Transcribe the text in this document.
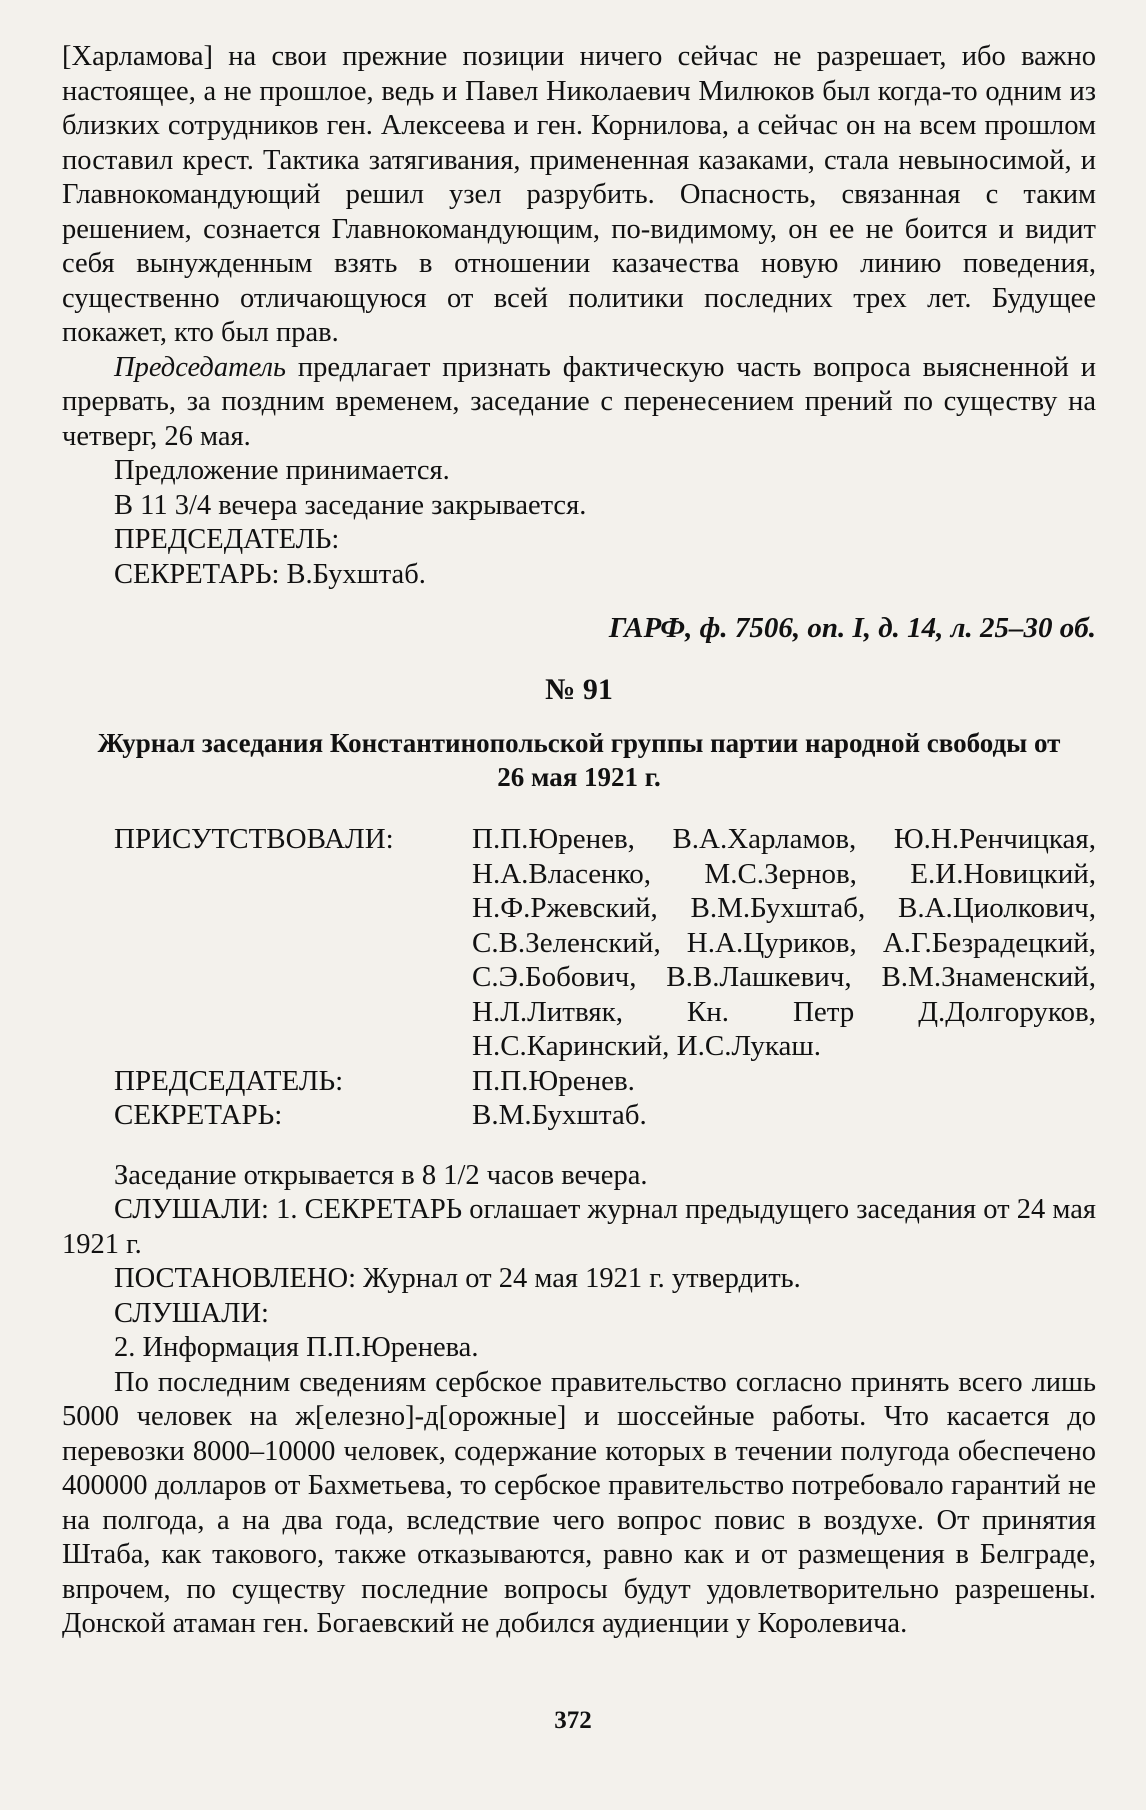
[Харламова] на свои прежние позиции ничего сейчас не разрешает, ибо важно настоящее, а не прошлое, ведь и Павел Николаевич Милюков был когда-то одним из близких сотрудников ген. Алексеева и ген. Корнилова, а сейчас он на всем прошлом поставил крест. Тактика затягивания, примененная казаками, стала невыносимой, и Главнокомандующий решил узел разрубить. Опасность, связанная с таким решением, сознается Главнокомандующим, по-видимому, он ее не боится и видит себя вынужденным взять в отношении казачества новую линию поведения, существенно отличающуюся от всей политики последних трех лет. Будущее покажет, кто был прав.

Председатель предлагает признать фактическую часть вопроса выясненной и прервать, за поздним временем, заседание с перенесением прений по существу на четверг, 26 мая.

Предложение принимается.

В 11 3/4 вечера заседание закрывается.

ПРЕДСЕДАТЕЛЬ:

СЕКРЕТАРЬ: В.Бухштаб.

ГАРФ, ф. 7506, оп. I, д. 14, л. 25–30 об.

№ 91

Журнал заседания Константинопольской группы партии народной свободы от 26 мая 1921 г.

ПРИСУТСТВОВАЛИ:	П.П.Юренев, В.А.Харламов, Ю.Н.Ренчицкая, Н.А.Власенко, М.С.Зернов, Е.И.Новицкий, Н.Ф.Ржевский, В.М.Бухштаб, В.А.Циолкович, С.В.Зеленский, Н.А.Цуриков, А.Г.Безрадецкий, С.Э.Бобович, В.В.Лашкевич, В.М.Знаменский, Н.Л.Литвяк, Кн. Петр Д.Долгоруков, Н.С.Каринский, И.С.Лукаш.

ПРЕДСЕДАТЕЛЬ:	П.П.Юренев.

СЕКРЕТАРЬ:	В.М.Бухштаб.

Заседание открывается в 8 1/2 часов вечера.

СЛУШАЛИ: 1. СЕКРЕТАРЬ оглашает журнал предыдущего заседания от 24 мая 1921 г.

ПОСТАНОВЛЕНО: Журнал от 24 мая 1921 г. утвердить.

СЛУШАЛИ:

2. Информация П.П.Юренева.

По последним сведениям сербское правительство согласно принять всего лишь 5000 человек на ж[елезно]-д[орожные] и шоссейные работы. Что касается до перевозки 8000–10000 человек, содержание которых в течении полугода обеспечено 400000 долларов от Бахметьева, то сербское правительство потребовало гарантий не на полгода, а на два года, вследствие чего вопрос повис в воздухе. От принятия Штаба, как такового, также отказываются, равно как и от размещения в Белграде, впрочем, по существу последние вопросы будут удовлетворительно разрешены. Донской атаман ген. Богаевский не добился аудиенции у Королевича.

372
